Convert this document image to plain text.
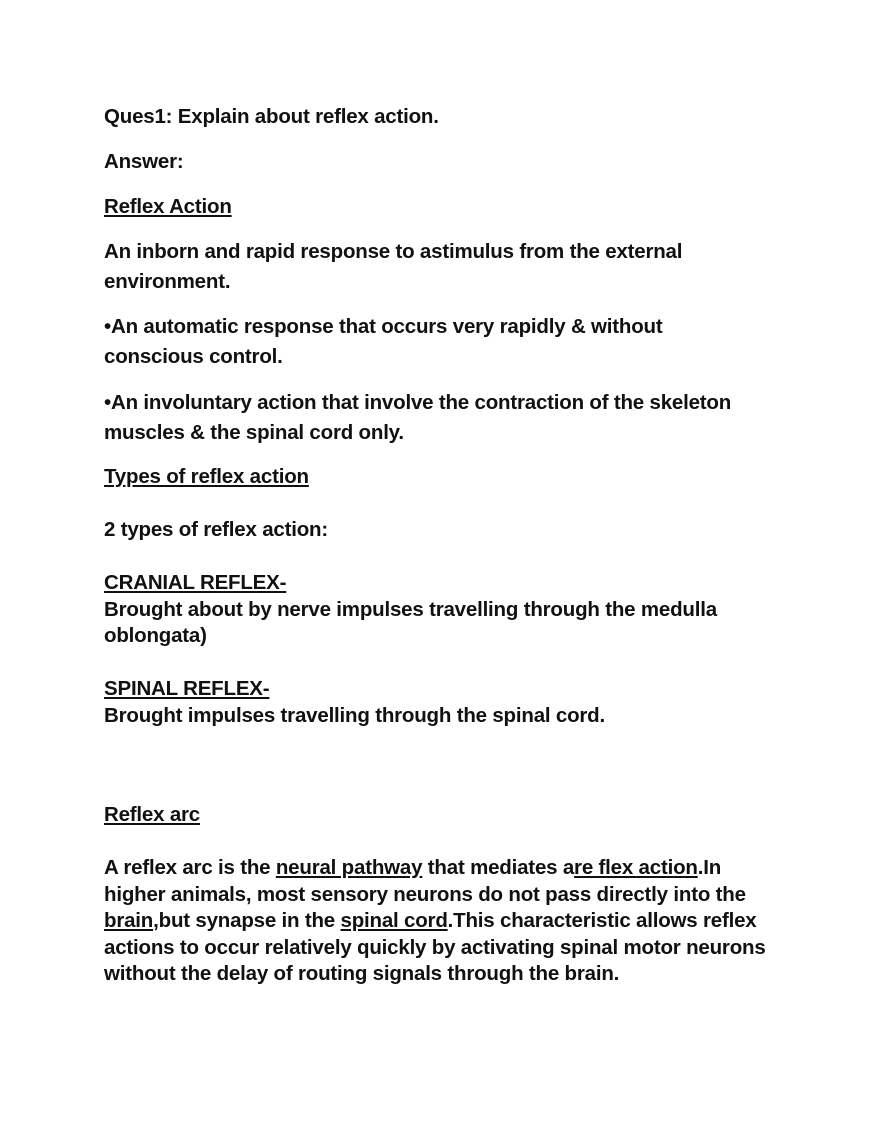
Ques1: Explain about reflex action.

Answer:

Reflex Action

An inborn and rapid response to astimulus from the external environment.

•An automatic response that occurs very rapidly & without conscious control.

•An involuntary action that involve the contraction of the skeleton muscles & the spinal cord only.

Types of reflex action

2 types of reflex action:

CRANIAL REFLEX-
Brought about by nerve impulses travelling through the medulla oblongata)
SPINAL REFLEX-
Brought impulses travelling through the spinal cord.

Reflex arc

A reflex arc is the neural pathway that mediates are flex action.In higher animals, most sensory neurons do not pass directly into the brain,but synapse in the spinal cord.This characteristic allows reflex actions to occur relatively quickly by activating spinal motor neurons without the delay of routing signals through the brain.
